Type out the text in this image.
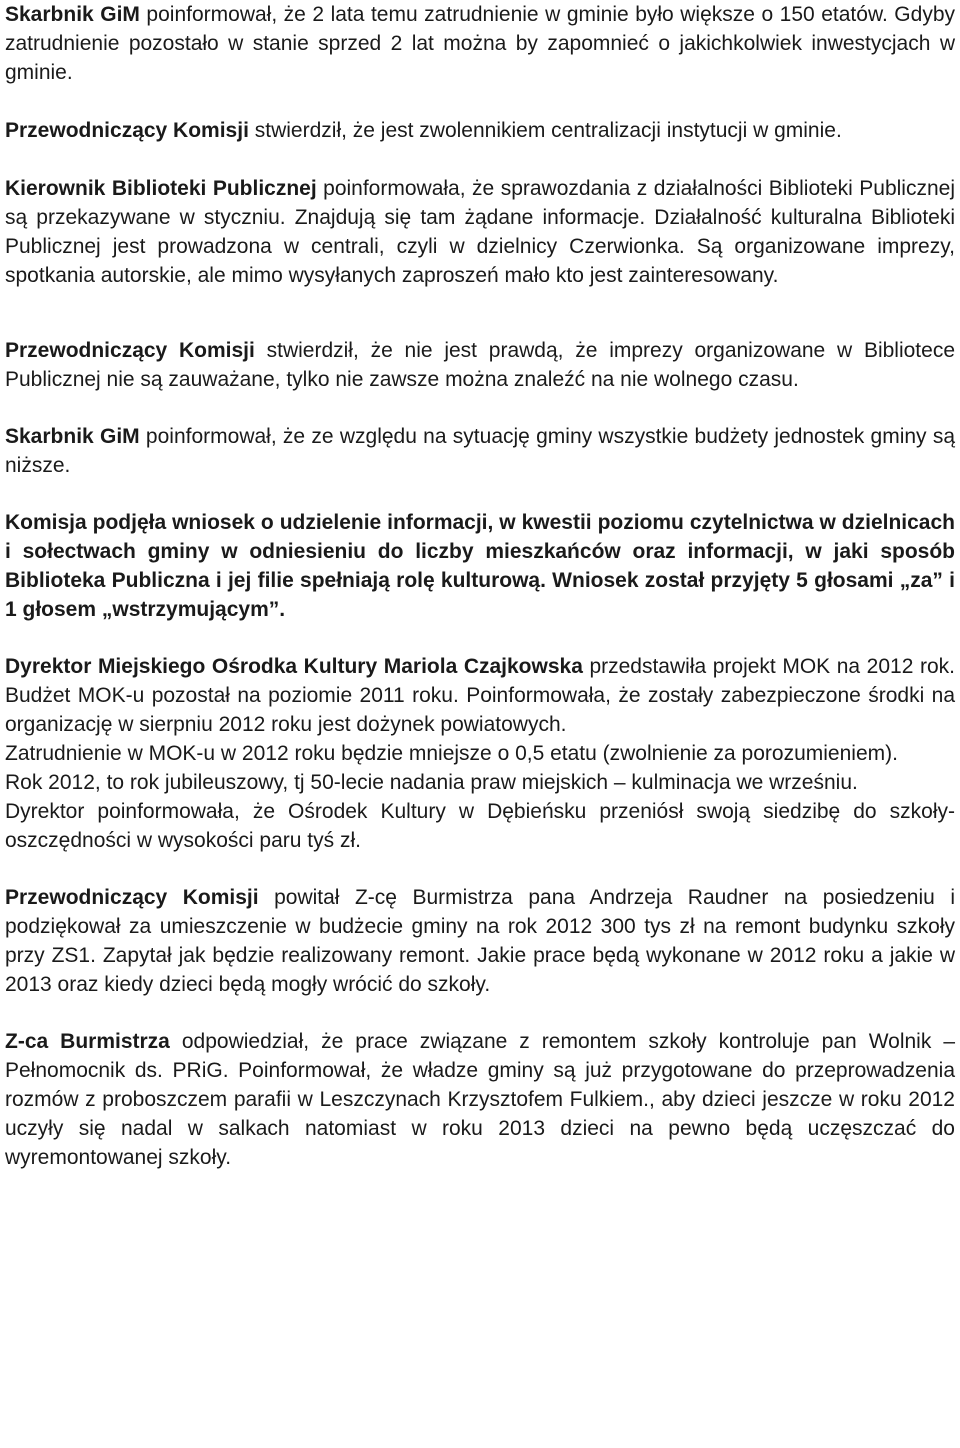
Skarbnik GiM poinformował, że 2 lata temu zatrudnienie w gminie było większe o 150 etatów. Gdyby zatrudnienie pozostało w stanie sprzed 2 lat można by zapomnieć o jakichkolwiek inwestycjach w gminie.

Przewodniczący Komisji stwierdził, że jest zwolennikiem centralizacji instytucji w gminie.

Kierownik Biblioteki Publicznej poinformowała, że sprawozdania z działalności Biblioteki Publicznej są przekazywane w styczniu. Znajdują się tam żądane informacje. Działalność kulturalna Biblioteki Publicznej jest prowadzona w centrali, czyli w dzielnicy Czerwionka. Są organizowane imprezy, spotkania autorskie, ale mimo wysyłanych zaproszeń mało kto jest zainteresowany.

Przewodniczący Komisji stwierdził, że nie jest prawdą, że imprezy organizowane w Bibliotece Publicznej nie są zauważane, tylko nie zawsze można znaleźć na nie wolnego czasu.

Skarbnik GiM poinformował, że ze względu na sytuację gminy wszystkie budżety jednostek gminy są niższe.

Komisja podjęła wniosek o udzielenie informacji, w kwestii poziomu czytelnictwa w dzielnicach i sołectwach gminy w odniesieniu do liczby mieszkańców oraz informacji, w jaki sposób Biblioteka Publiczna i jej filie spełniają rolę kulturową. Wniosek został przyjęty 5 głosami „za” i 1 głosem „wstrzymującym”.

Dyrektor Miejskiego Ośrodka Kultury Mariola Czajkowska przedstawiła projekt MOK na 2012 rok. Budżet MOK-u pozostał na poziomie 2011 roku. Poinformowała, że zostały zabezpieczone środki na organizację w sierpniu 2012 roku jest dożynek powiatowych.

Zatrudnienie w MOK-u w 2012 roku będzie mniejsze o 0,5 etatu (zwolnienie za porozumieniem).

Rok 2012, to rok jubileuszowy, tj 50-lecie nadania praw miejskich – kulminacja we wrześniu.

Dyrektor poinformowała, że Ośrodek Kultury w Dębieńsku przeniósł swoją siedzibę do szkoły-oszczędności w wysokości paru tyś zł.

Przewodniczący Komisji powitał Z-cę Burmistrza pana Andrzeja Raudner na posiedzeniu i podziękował za umieszczenie w budżecie gminy na rok 2012 300 tys zł na remont budynku szkoły przy ZS1. Zapytał jak będzie realizowany remont. Jakie prace będą wykonane w 2012 roku a jakie w 2013 oraz kiedy dzieci będą mogły wrócić do szkoły.

Z-ca Burmistrza odpowiedział, że prace związane z remontem szkoły kontroluje pan Wolnik – Pełnomocnik ds. PRiG. Poinformował, że władze gminy są już przygotowane do przeprowadzenia rozmów z proboszczem parafii w Leszczynach Krzysztofem Fulkiem., aby dzieci jeszcze w roku 2012 uczyły się nadal w salkach natomiast w roku 2013 dzieci na pewno będą uczęszczać do wyremontowanej szkoły.
